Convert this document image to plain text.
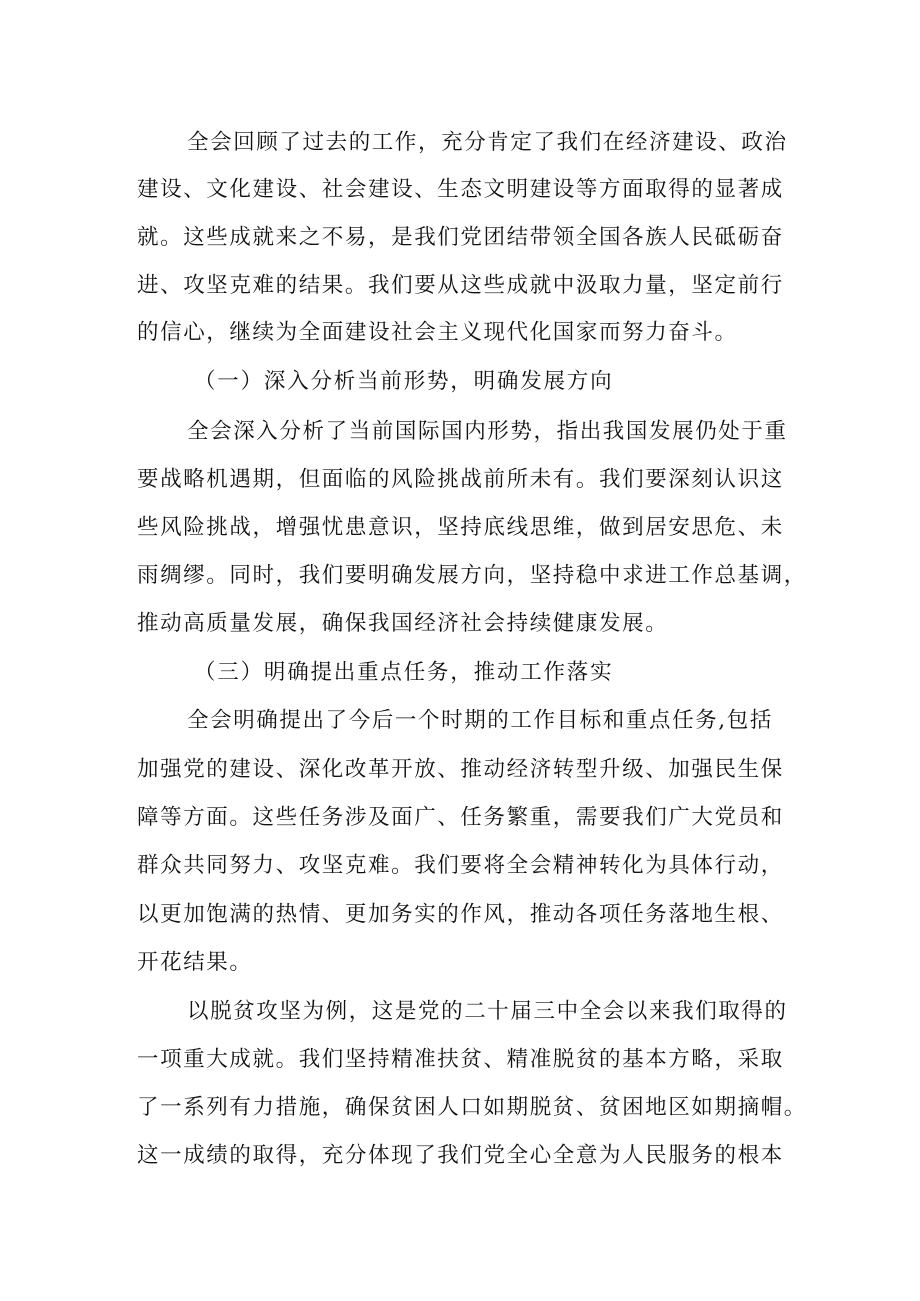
全会回顾了过去的工作，充分肯定了我们在经济建设、政治

建设、文化建设、社会建设、生态文明建设等方面取得的显著成

就。这些成就来之不易，是我们党团结带领全国各族人民砥砺奋

进、攻坚克难的结果。我们要从这些成就中汲取力量，坚定前行

的信心，继续为全面建设社会主义现代化国家而努力奋斗。

（一）深入分析当前形势，明确发展方向

全会深入分析了当前国际国内形势，指出我国发展仍处于重

要战略机遇期，但面临的风险挑战前所未有。我们要深刻认识这

些风险挑战，增强忧患意识，坚持底线思维，做到居安思危、未

雨绸缪。同时，我们要明确发展方向，坚持稳中求进工作总基调，

推动高质量发展，确保我国经济社会持续健康发展。

（三）明确提出重点任务，推动工作落实

全会明确提出了今后一个时期的工作目标和重点任务,包括

加强党的建设、深化改革开放、推动经济转型升级、加强民生保

障等方面。这些任务涉及面广、任务繁重，需要我们广大党员和

群众共同努力、攻坚克难。我们要将全会精神转化为具体行动，

以更加饱满的热情、更加务实的作风，推动各项任务落地生根、

开花结果。

以脱贫攻坚为例，这是党的二十届三中全会以来我们取得的

一项重大成就。我们坚持精准扶贫、精准脱贫的基本方略，采取

了一系列有力措施，确保贫困人口如期脱贫、贫困地区如期摘帽。

这一成绩的取得，充分体现了我们党全心全意为人民服务的根本
